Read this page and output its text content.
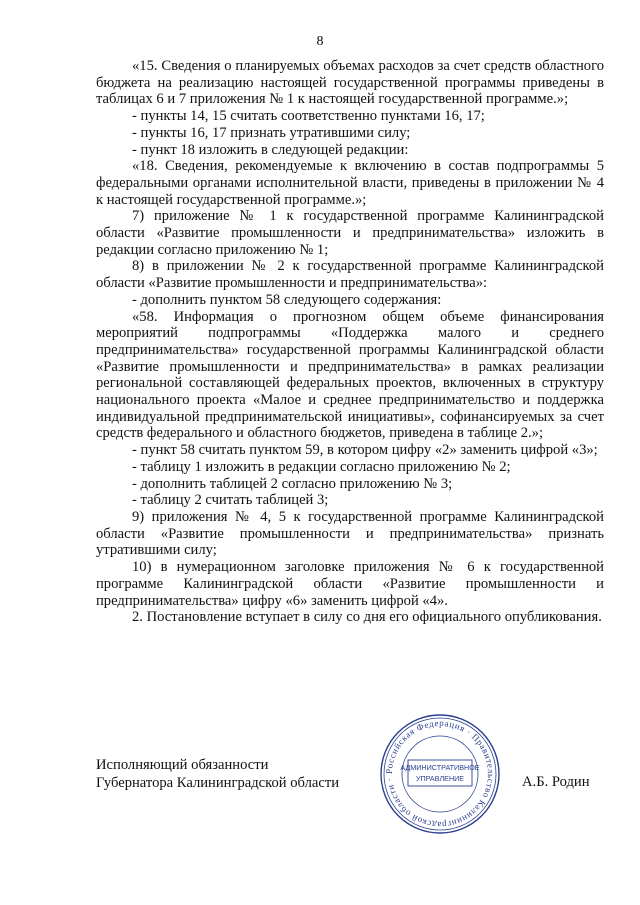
8

«15. Сведения о планируемых объемах расходов за счет средств областного бюджета на реализацию настоящей государственной программы приведены в таблицах 6 и 7 приложения № 1 к настоящей государственной программе.»;

- пункты 14, 15 считать соответственно пунктами 16, 17;

- пункты 16, 17 признать утратившими силу;

- пункт 18 изложить в следующей редакции:

«18. Сведения, рекомендуемые к включению в состав подпрограммы 5 федеральными органами исполнительной власти, приведены в приложении № 4 к настоящей государственной программе.»;

7) приложение № 1 к государственной программе Калининградской области «Развитие промышленности и предпринимательства» изложить в редакции согласно приложению № 1;

8) в приложении № 2 к государственной программе Калининградской области «Развитие промышленности и предпринимательства»:

- дополнить пунктом 58 следующего содержания:

«58. Информация о прогнозном общем объеме финансирования мероприятий подпрограммы «Поддержка малого и среднего предпринимательства» государственной программы Калининградской области «Развитие промышленности и предпринимательства» в рамках реализации региональной составляющей федеральных проектов, включенных в структуру национального проекта «Малое и среднее предпринимательство и поддержка индивидуальной предпринимательской инициативы», софинансируемых за счет средств федерального и областного бюджетов, приведена в таблице 2.»;

- пункт 58 считать пунктом 59, в котором цифру «2» заменить цифрой «3»;

- таблицу 1 изложить в редакции согласно приложению № 2;

- дополнить таблицей 2 согласно приложению № 3;

- таблицу 2 считать таблицей 3;

9) приложения № 4, 5 к государственной программе Калининградской области «Развитие промышленности и предпринимательства» признать утратившими силу;

10) в нумерационном заголовке приложения № 6 к государственной программе Калининградской области «Развитие промышленности и предпринимательства» цифру «6» заменить цифрой «4».

2. Постановление вступает в силу со дня его официального опубликования.

Исполняющий обязанности
Губернатора Калининградской области	А.Б. Родин
Российская Федерация · Правительство Калининградской области ·
АДМИНИСТРАТИВНОЕ
УПРАВЛЕНИЕ
